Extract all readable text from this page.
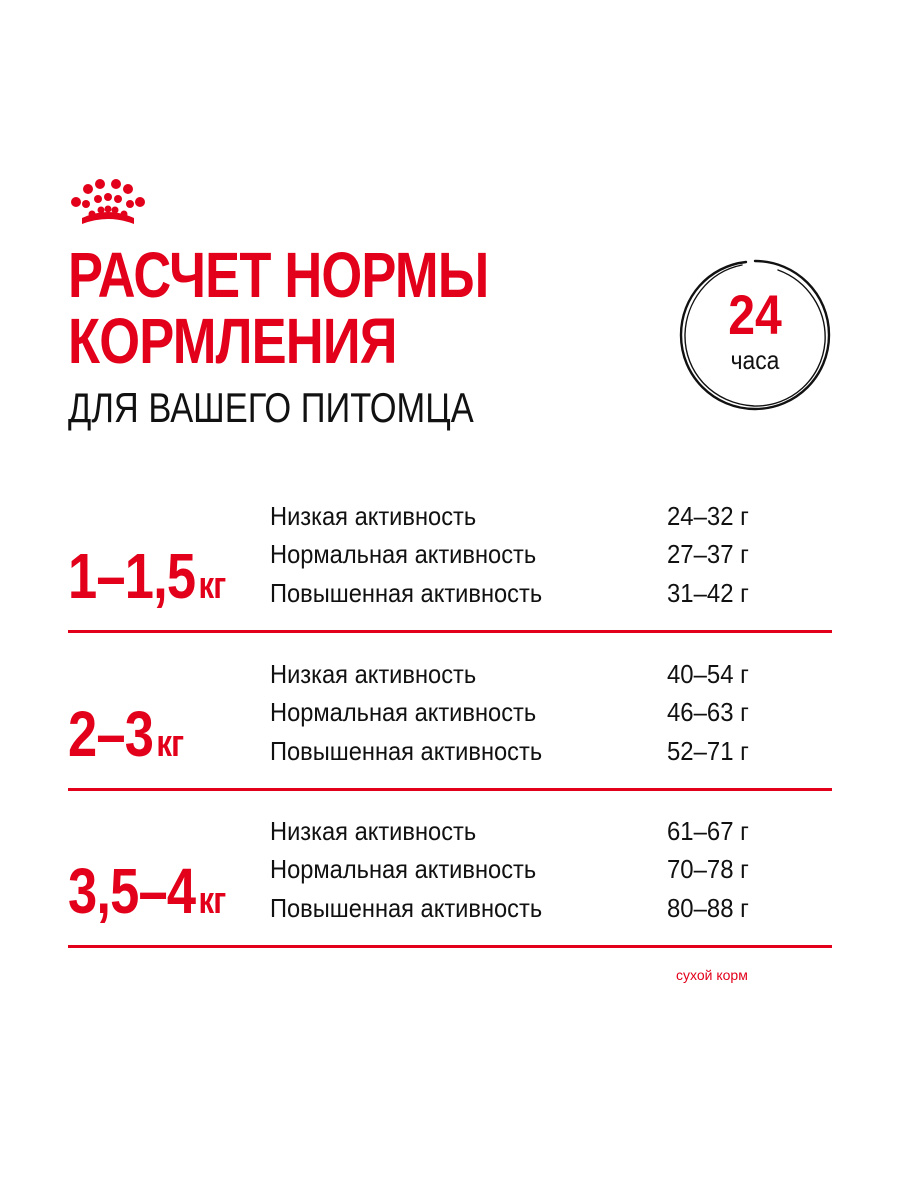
РАСЧЕТ НОРМЫ
КОРМЛЕНИЯ
ДЛЯ ВАШЕГО ПИТОМЦА
24
часа
1–1,5 кг
Низкая активность	24–32 г
Нормальная активность	27–37 г
Повышенная активность	31–42 г
2–3 кг
Низкая активность	40–54 г
Нормальная активность	46–63 г
Повышенная активность	52–71 г
3,5–4 кг
Низкая активность	61–67 г
Нормальная активность	70–78 г
Повышенная активность	80–88 г
сухой корм
